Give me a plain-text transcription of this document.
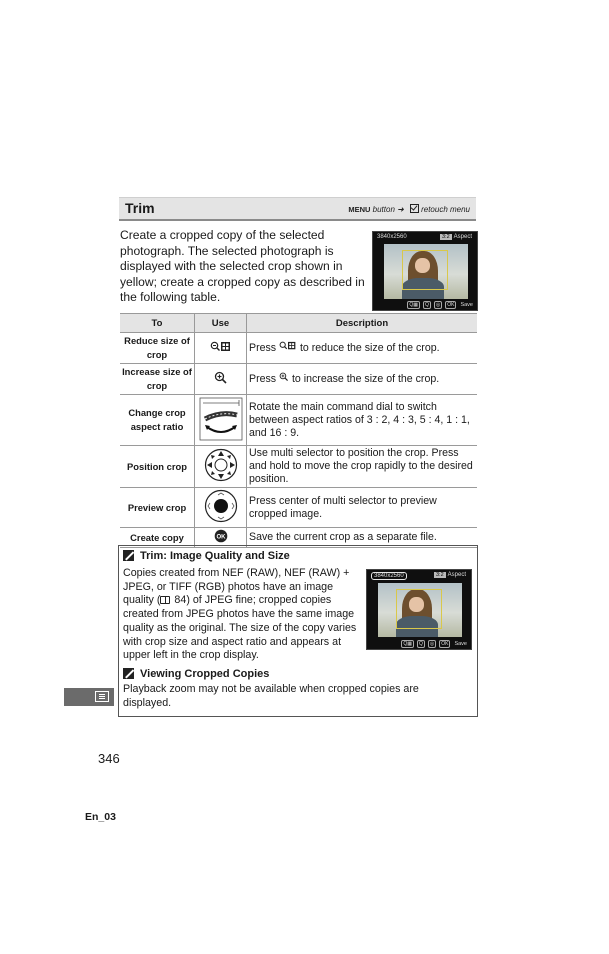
Trim	MENU button ➜ retouch menu
Create a cropped copy of the selected photograph. The selected photograph is displayed with the selected crop shown in yellow; create a cropped copy as described in the following table.
3840x2560	3:2 Aspect
Q▦ Q ◎ OK Save
To	Use	Description
Reduce size of crop		Press  to reduce the size of the crop.
Increase size of crop		Press  to increase the size of the crop.
Change crop aspect ratio		Rotate the main command dial to switch between aspect ratios of 3 : 2, 4 : 3, 5 : 4, 1 : 1, and 16 : 9.
Position crop		Use multi selector to position the crop. Press and hold to move the crop rapidly to the desired position.
Preview crop		Press center of multi selector to preview cropped image.
Create copy	OK	Save the current crop as a separate file.
Trim: Image Quality and Size
Copies created from NEF (RAW), NEF (RAW) + JPEG, or TIFF (RGB) photos have an image quality ( 84) of JPEG fine; cropped copies created from JPEG photos have the same image quality as the original. The size of the copy varies with crop size and aspect ratio and appears at upper left in the crop display.
3840x2560	3:2 Aspect
Q▦ Q ◎ OK Save
Viewing Cropped Copies
Playback zoom may not be available when cropped copies are displayed.
346
En_03
